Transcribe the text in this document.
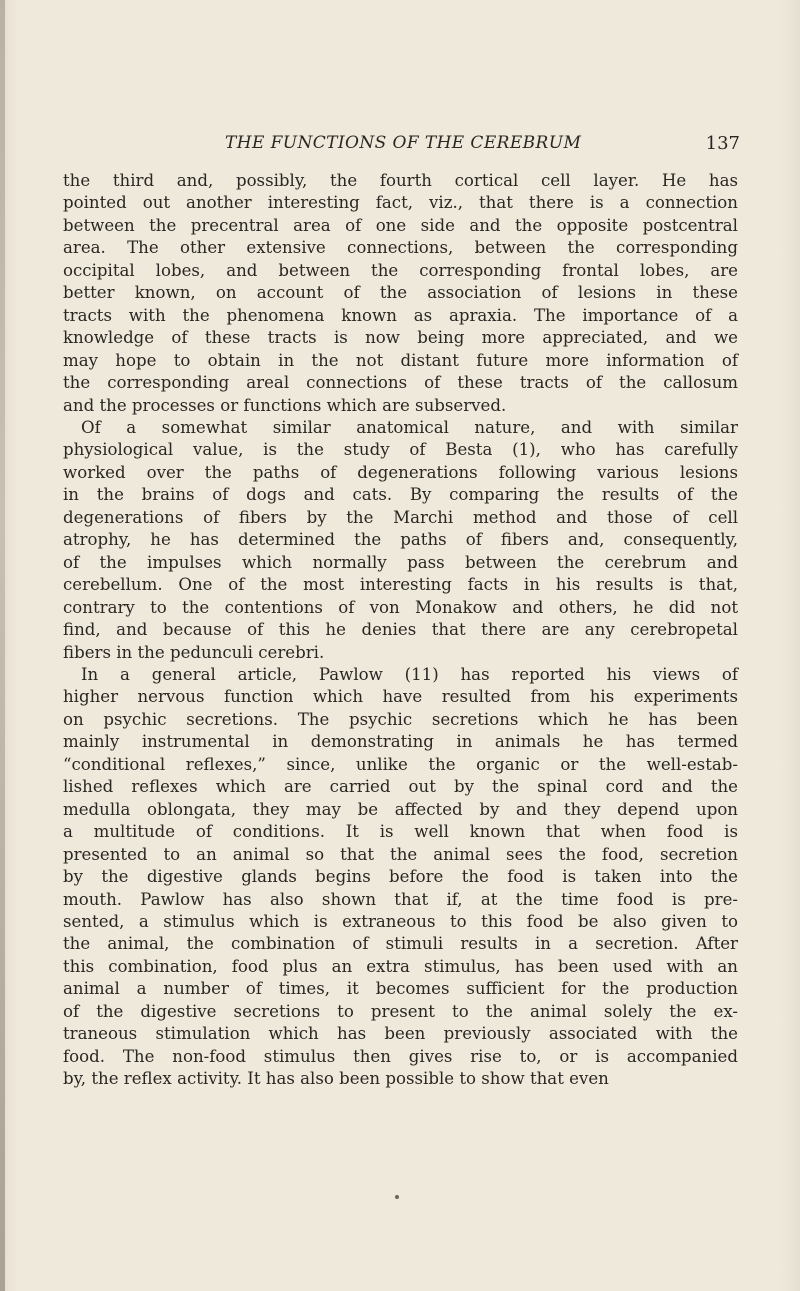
THE FUNCTIONS OF THE CEREBRUM	137

the third and, possibly, the fourth cortical cell layer. He has
pointed out another interesting fact, viz., that there is a connection
between the precentral area of one side and the opposite postcentral
area. The other extensive connections, between the corresponding
occipital lobes, and between the corresponding frontal lobes, are
better known, on account of the association of lesions in these
tracts with the phenomena known as apraxia. The importance of a
knowledge of these tracts is now being more appreciated, and we
may hope to obtain in the not distant future more information of
the corresponding areal connections of these tracts of the callosum
and the processes or functions which are subserved.

Of a somewhat similar anatomical nature, and with similar
physiological value, is the study of Besta (1), who has carefully
worked over the paths of degenerations following various lesions
in the brains of dogs and cats. By comparing the results of the
degenerations of fibers by the Marchi method and those of cell
atrophy, he has determined the paths of fibers and, consequently,
of the impulses which normally pass between the cerebrum and
cerebellum. One of the most interesting facts in his results is that,
contrary to the contentions of von Monakow and others, he did not
find, and because of this he denies that there are any cerebropetal
fibers in the pedunculi cerebri.

In a general article, Pawlow (11) has reported his views of
higher nervous function which have resulted from his experiments
on psychic secretions. The psychic secretions which he has been
mainly instrumental in demonstrating in animals he has termed
“conditional reflexes,” since, unlike the organic or the well-estab-
lished reflexes which are carried out by the spinal cord and the
medulla oblongata, they may be affected by and they depend upon
a multitude of conditions. It is well known that when food is
presented to an animal so that the animal sees the food, secretion
by the digestive glands begins before the food is taken into the
mouth. Pawlow has also shown that if, at the time food is pre-
sented, a stimulus which is extraneous to this food be also given to
the animal, the combination of stimuli results in a secretion. After
this combination, food plus an extra stimulus, has been used with an
animal a number of times, it becomes sufficient for the production
of the digestive secretions to present to the animal solely the ex-
traneous stimulation which has been previously associated with the
food. The non-food stimulus then gives rise to, or is accompanied
by, the reflex activity. It has also been possible to show that even
